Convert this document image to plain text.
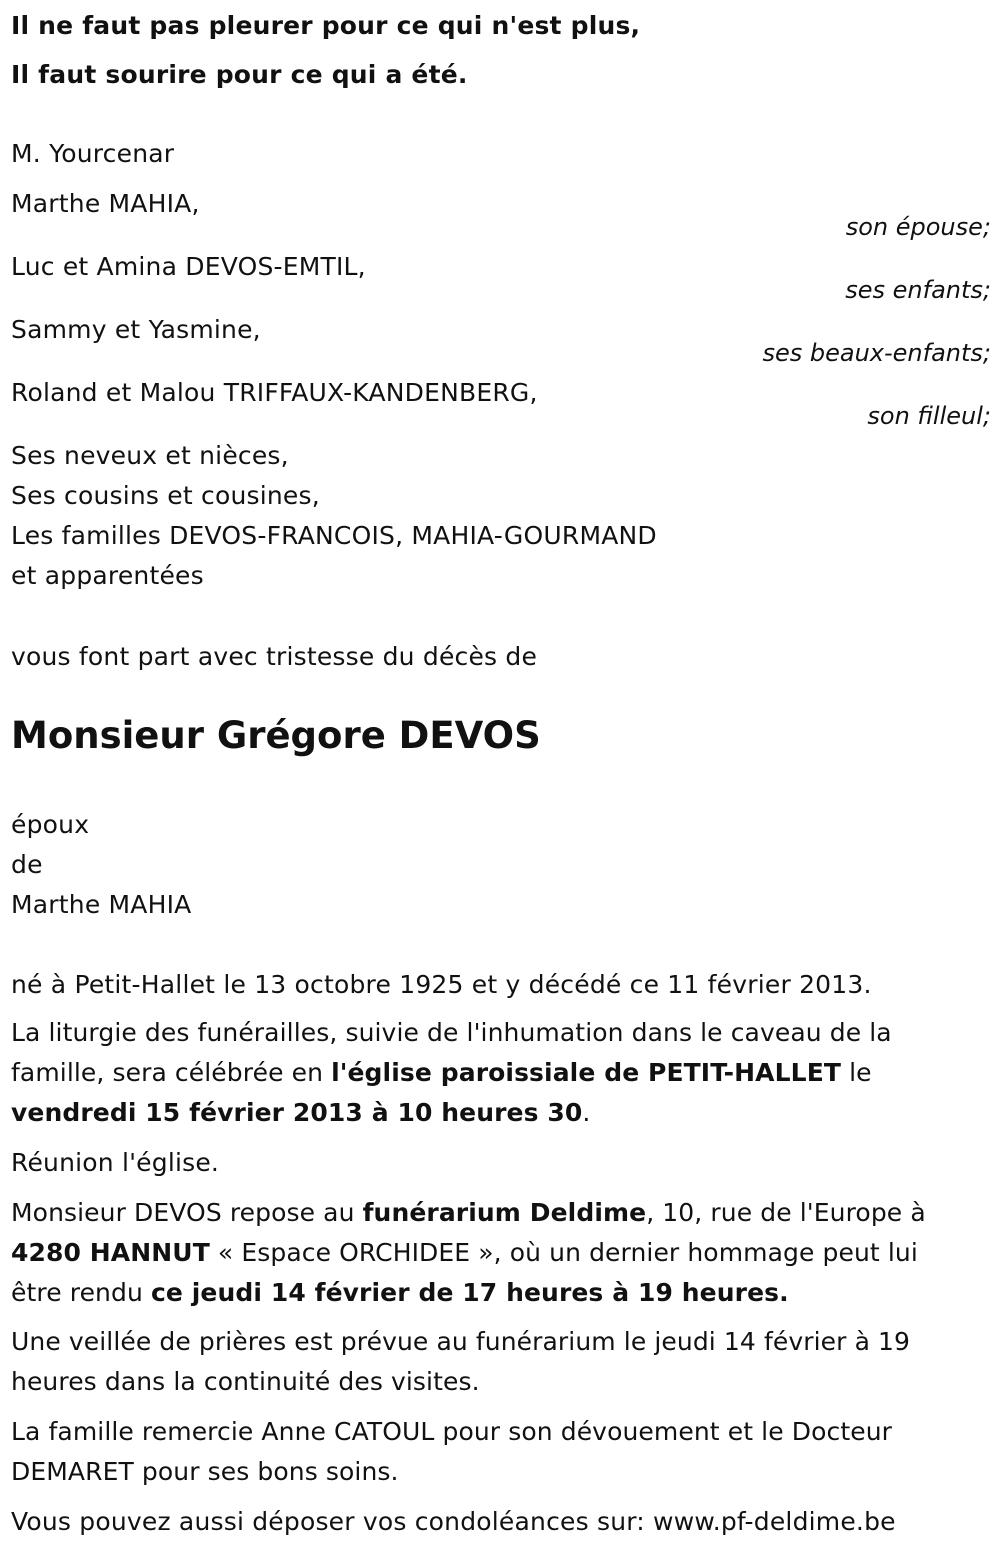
Il ne faut pas pleurer pour ce qui n'est plus,
Il faut sourire pour ce qui a été.
M. Yourcenar
Marthe MAHIA,
son épouse;
Luc et Amina DEVOS-EMTIL,
ses enfants;
Sammy et Yasmine,
ses beaux-enfants;
Roland et Malou TRIFFAUX-KANDENBERG,
son filleul;
Ses neveux et nièces,
Ses cousins et cousines,
Les familles DEVOS-FRANCOIS, MAHIA-GOURMAND
et apparentées
vous font part avec tristesse du décès de
Monsieur Grégore DEVOS
époux
de
Marthe MAHIA
né à Petit-Hallet le 13 octobre 1925 et y décédé ce 11 février 2013.
La liturgie des funérailles, suivie de l'inhumation dans le caveau de la famille, sera célébrée en l'église paroissiale de PETIT-HALLET le vendredi 15 février 2013 à 10 heures 30.
Réunion l'église.
Monsieur DEVOS repose au funérarium Deldime, 10, rue de l'Europe à 4280 HANNUT « Espace ORCHIDEE », où un dernier hommage peut lui être rendu ce jeudi 14 février de 17 heures à 19 heures.
Une veillée de prières est prévue au funérarium le jeudi 14 février à 19 heures dans la continuité des visites.
La famille remercie Anne CATOUL pour son dévouement et le Docteur DEMARET pour ses bons soins.
Vous pouvez aussi déposer vos condoléances sur: www.pf-deldime.be
